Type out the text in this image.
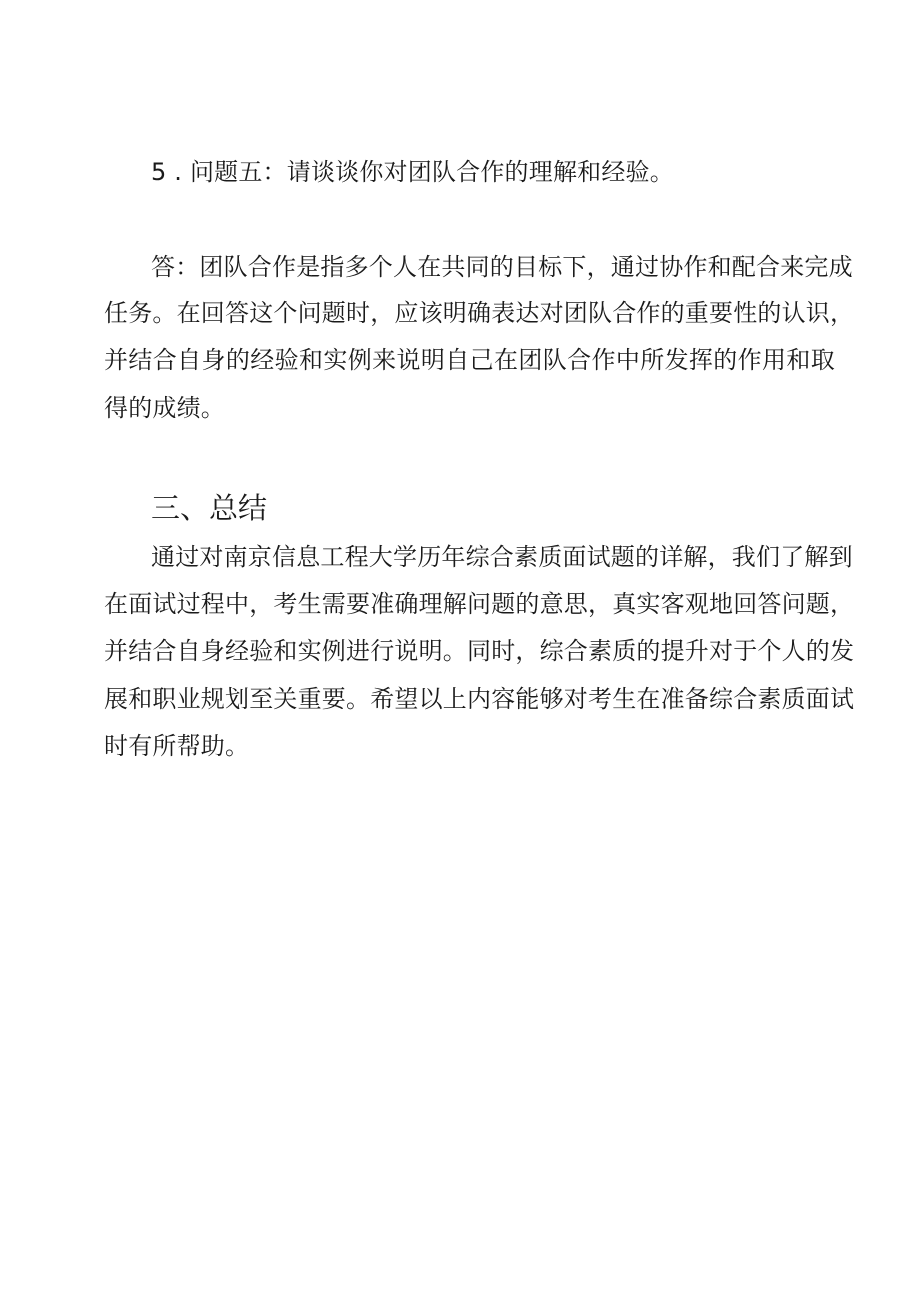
5 . 问题五：请谈谈你对团队合作的理解和经验。
答：团队合作是指多个人在共同的目标下，通过协作和配合来完成
任务。在回答这个问题时，应该明确表达对团队合作的重要性的认识，
并结合自身的经验和实例来说明自己在团队合作中所发挥的作用和取
得的成绩。
三、总结
通过对南京信息工程大学历年综合素质面试题的详解，我们了解到
在面试过程中，考生需要准确理解问题的意思，真实客观地回答问题，
并结合自身经验和实例进行说明。同时，综合素质的提升对于个人的发
展和职业规划至关重要。希望以上内容能够对考生在准备综合素质面试
时有所帮助。
